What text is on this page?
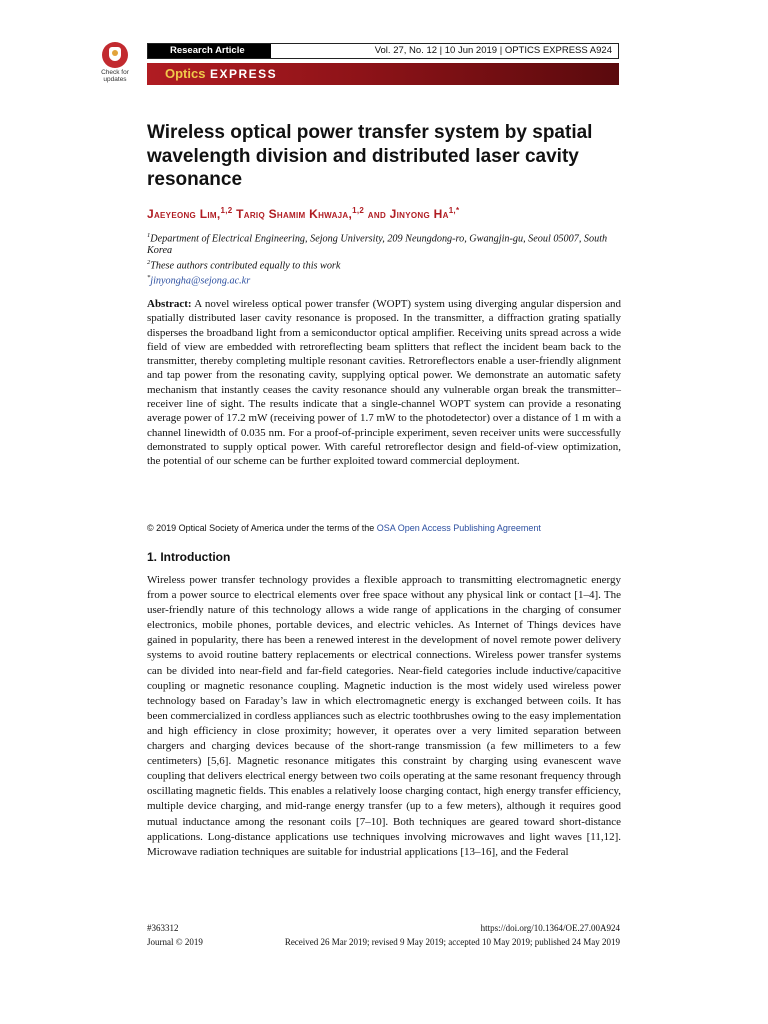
Check for updates
Research Article	Vol. 27, No. 12 | 10 Jun 2019 | OPTICS EXPRESS A924
Optics EXPRESS
Wireless optical power transfer system by spatial wavelength division and distributed laser cavity resonance
Jaeyeong Lim,$^{1,2}$ Tariq Shamim Khwaja,$^{1,2}$ and Jinyong $Ha^{1,*}$
$^1$Department of Electrical Engineering, Sejong University, 209 Neungdong-ro, Gwangjin-gu, Seoul 05007, South Korea
$^2$These authors contributed equally to this work
*jinyongha@sejong.ac.kr

Abstract: A novel wireless optical power transfer (WOPT) system using diverging angular dispersion and spatially distributed laser cavity resonance is proposed. In the transmitter, a diffraction grating spatially disperses the broadband light from a semiconductor optical amplifier. Receiving units spread across a wide field of view are embedded with retroreflecting beam splitters that reflect the incident beam back to the transmitter, thereby completing multiple resonant cavities. Retroreflectors enable a user-friendly alignment and tap power from the resonating cavity, supplying optical power. We demonstrate an automatic safety mechanism that instantly ceases the cavity resonance should any vulnerable organ break the transmitter–receiver line of sight. The results indicate that a single-channel WOPT system can provide a resonating average power of 17.2 mW (receiving power of 1.7 mW to the photodetector) over a distance of 1 m with a channel linewidth of 0.035 nm. For a proof-of-principle experiment, seven receiver units were successfully demonstrated to supply optical power. With careful retroreflector design and field-of-view optimization, the potential of our scheme can be further exploited toward commercial deployment.

© 2019 Optical Society of America under the terms of the OSA Open Access Publishing Agreement
1. Introduction

Wireless power transfer technology provides a flexible approach to transmitting electromagnetic energy from a power source to electrical elements over free space without any physical link or contact [1–4]. The user-friendly nature of this technology allows a wide range of applications in the charging of consumer electronics, mobile phones, portable devices, and electric vehicles. As Internet of Things devices have gained in popularity, there has been a renewed interest in the development of novel remote power delivery systems to avoid routine battery replacements or electrical connections. Wireless power transfer systems can be divided into near-field and far-field categories. Near-field categories include inductive/capacitive coupling or magnetic resonance coupling. Magnetic induction is the most widely used wireless power technology based on Faraday’s law in which electromagnetic energy is exchanged between coils. It has been commercialized in cordless appliances such as electric toothbrushes owing to the easy implementation and high efficiency in close proximity; however, it operates over a very limited separation between chargers and charging devices because of the short-range transmission (a few millimeters to a few centimeters) [5,6]. Magnetic resonance mitigates this constraint by charging using evanescent wave coupling that delivers electrical energy between two coils operating at the same resonant frequency through oscillating magnetic fields. This enables a relatively loose charging contact, high energy transfer efficiency, multiple device charging, and mid-range energy transfer (up to a few meters), although it requires good mutual inductance among the resonant coils [7–10]. Both techniques are geared toward short-distance applications. Long-distance applications use techniques involving microwaves and light waves [11,12]. Microwave radiation techniques are suitable for industrial applications [13–16], and the Federal

#363312
Journal © 2019
https://doi.org/10.1364/OE.27.00A924
Received 26 Mar 2019; revised 9 May 2019; accepted 10 May 2019; published 24 May 2019
